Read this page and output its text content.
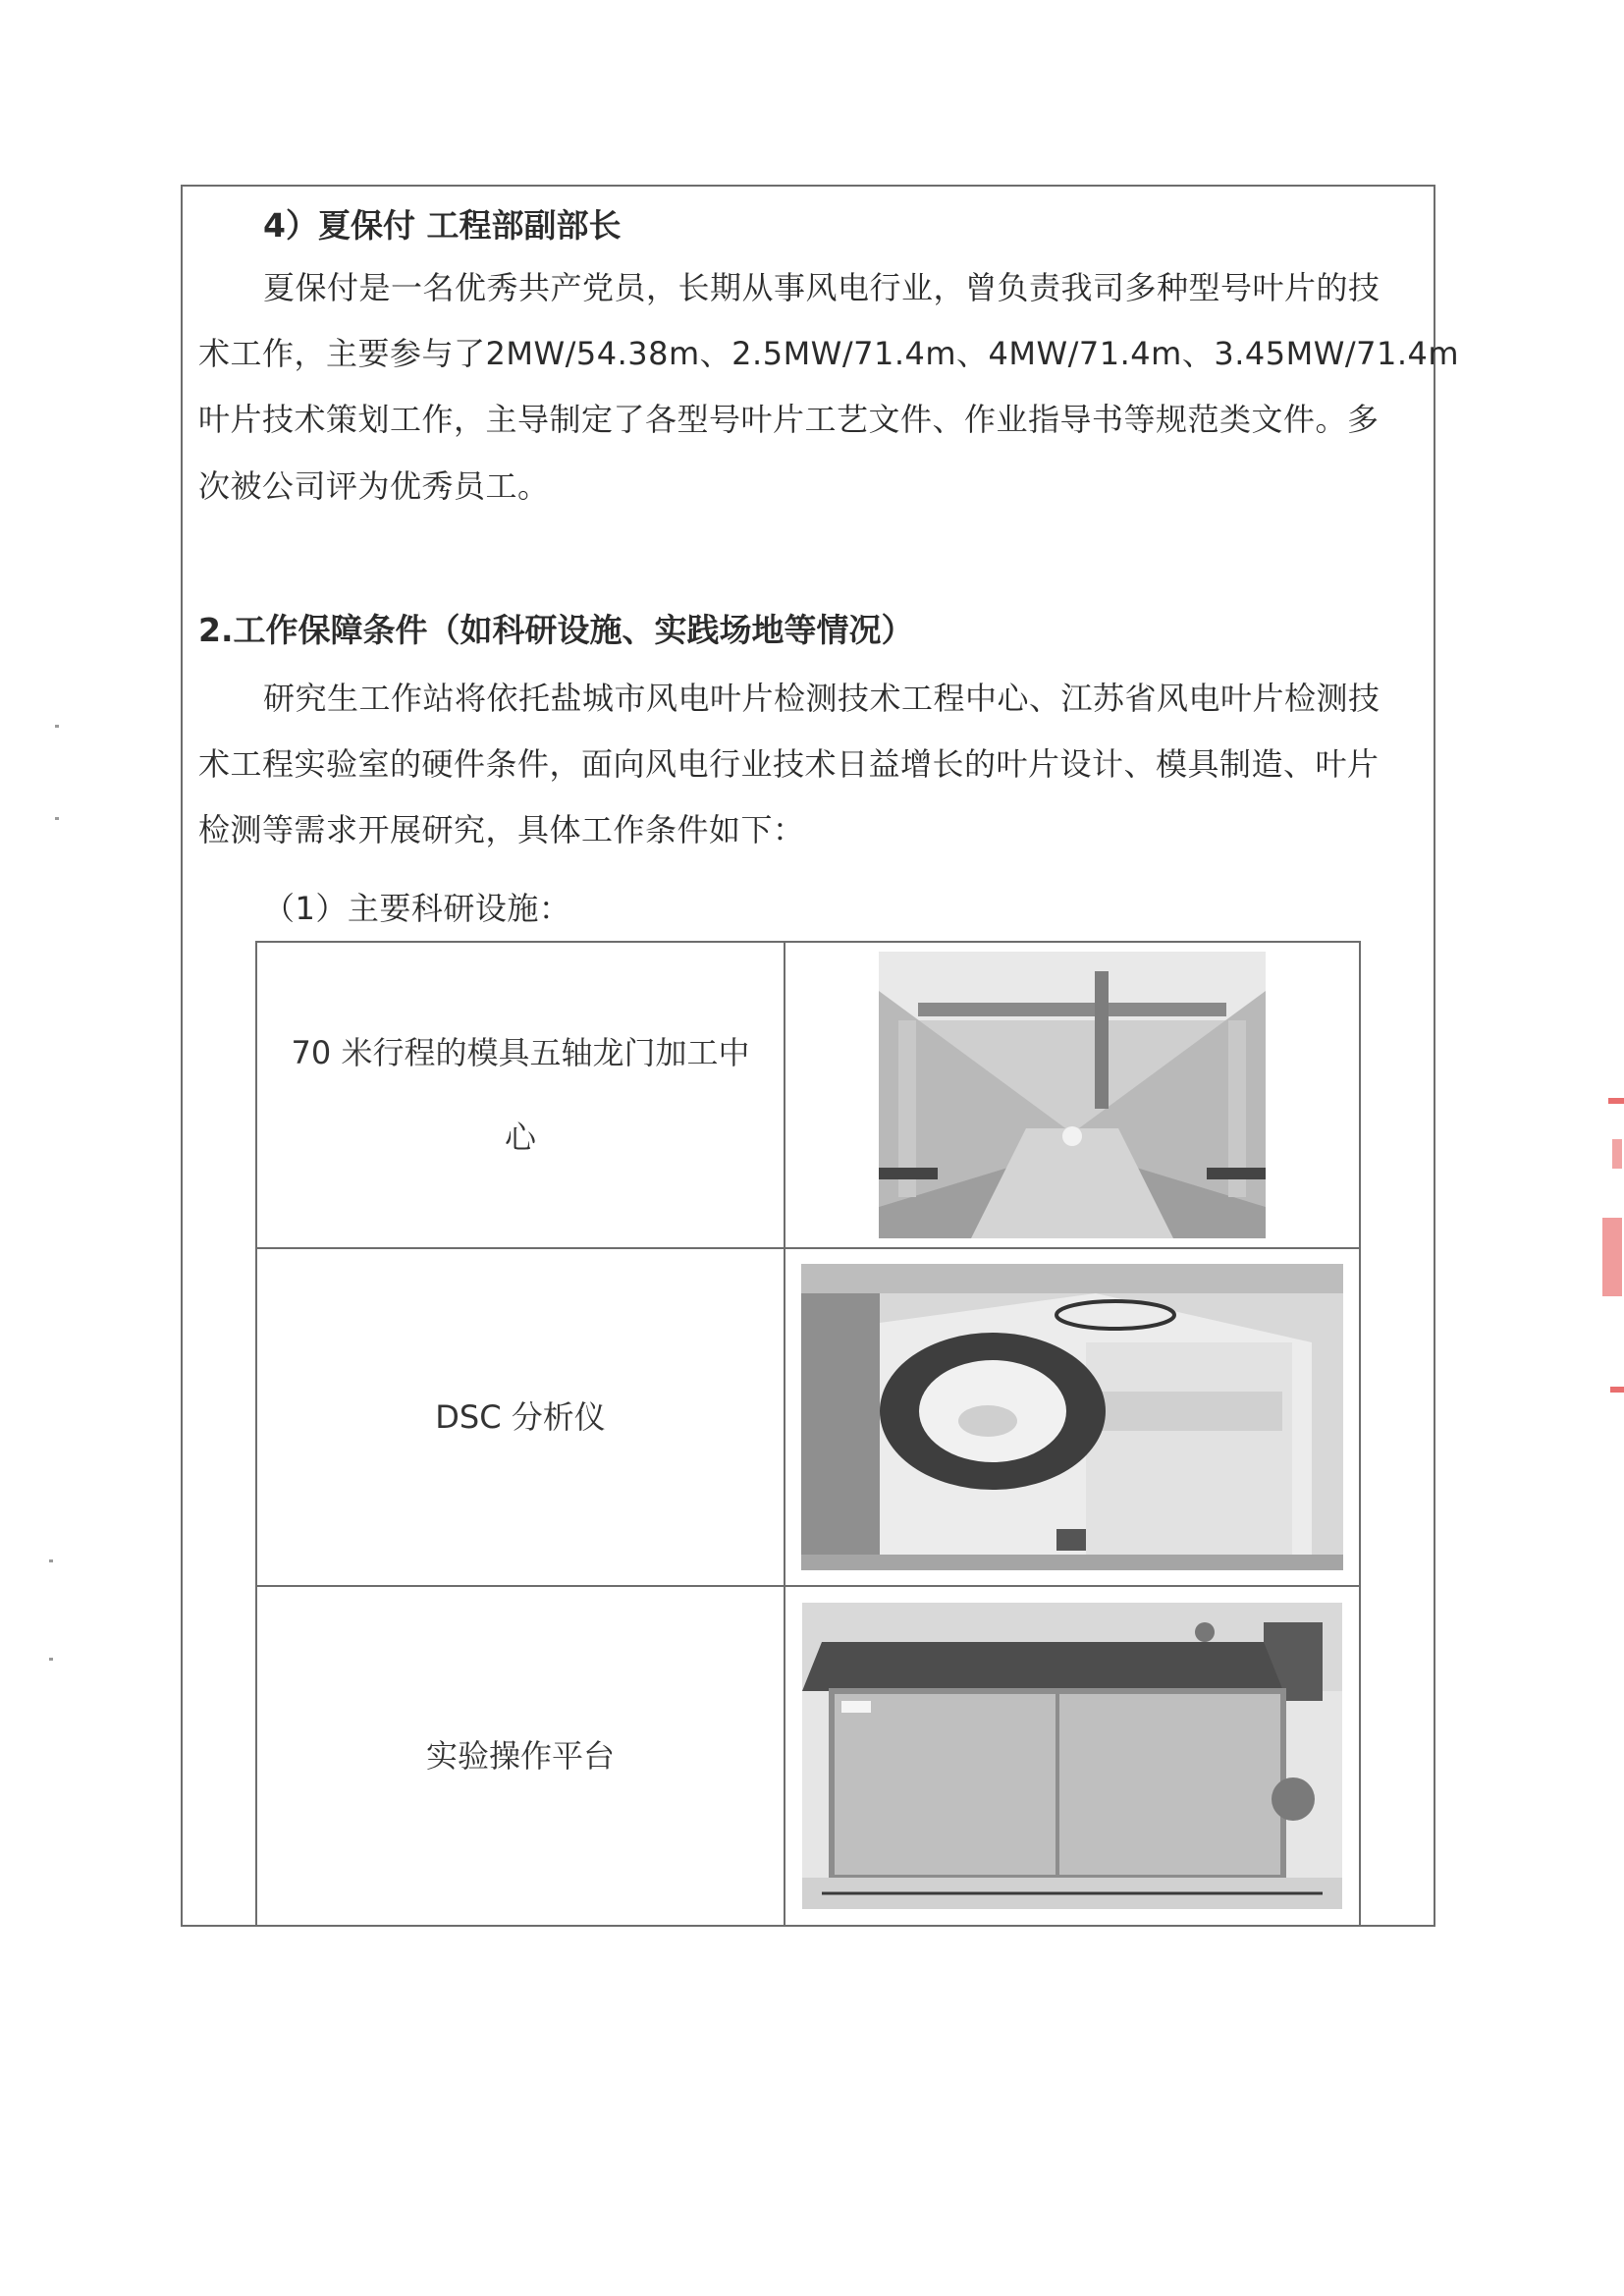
4）夏保付 工程部副部长
夏保付是一名优秀共产党员，长期从事风电行业，曾负责我司多种型号叶片的技
术工作，主要参与了2MW/54.38m、2.5MW/71.4m、4MW/71.4m、3.45MW/71.4m
叶片技术策划工作，主导制定了各型号叶片工艺文件、作业指导书等规范类文件。多
次被公司评为优秀员工。
2.工作保障条件（如科研设施、实践场地等情况）
研究生工作站将依托盐城市风电叶片检测技术工程中心、江苏省风电叶片检测技
术工程实验室的硬件条件，面向风电行业技术日益增长的叶片设计、模具制造、叶片
检测等需求开展研究，具体工作条件如下：
（1）主要科研设施：
70 米行程的模具五轴龙门加工中
心

DSC 分析仪

实验操作平台
